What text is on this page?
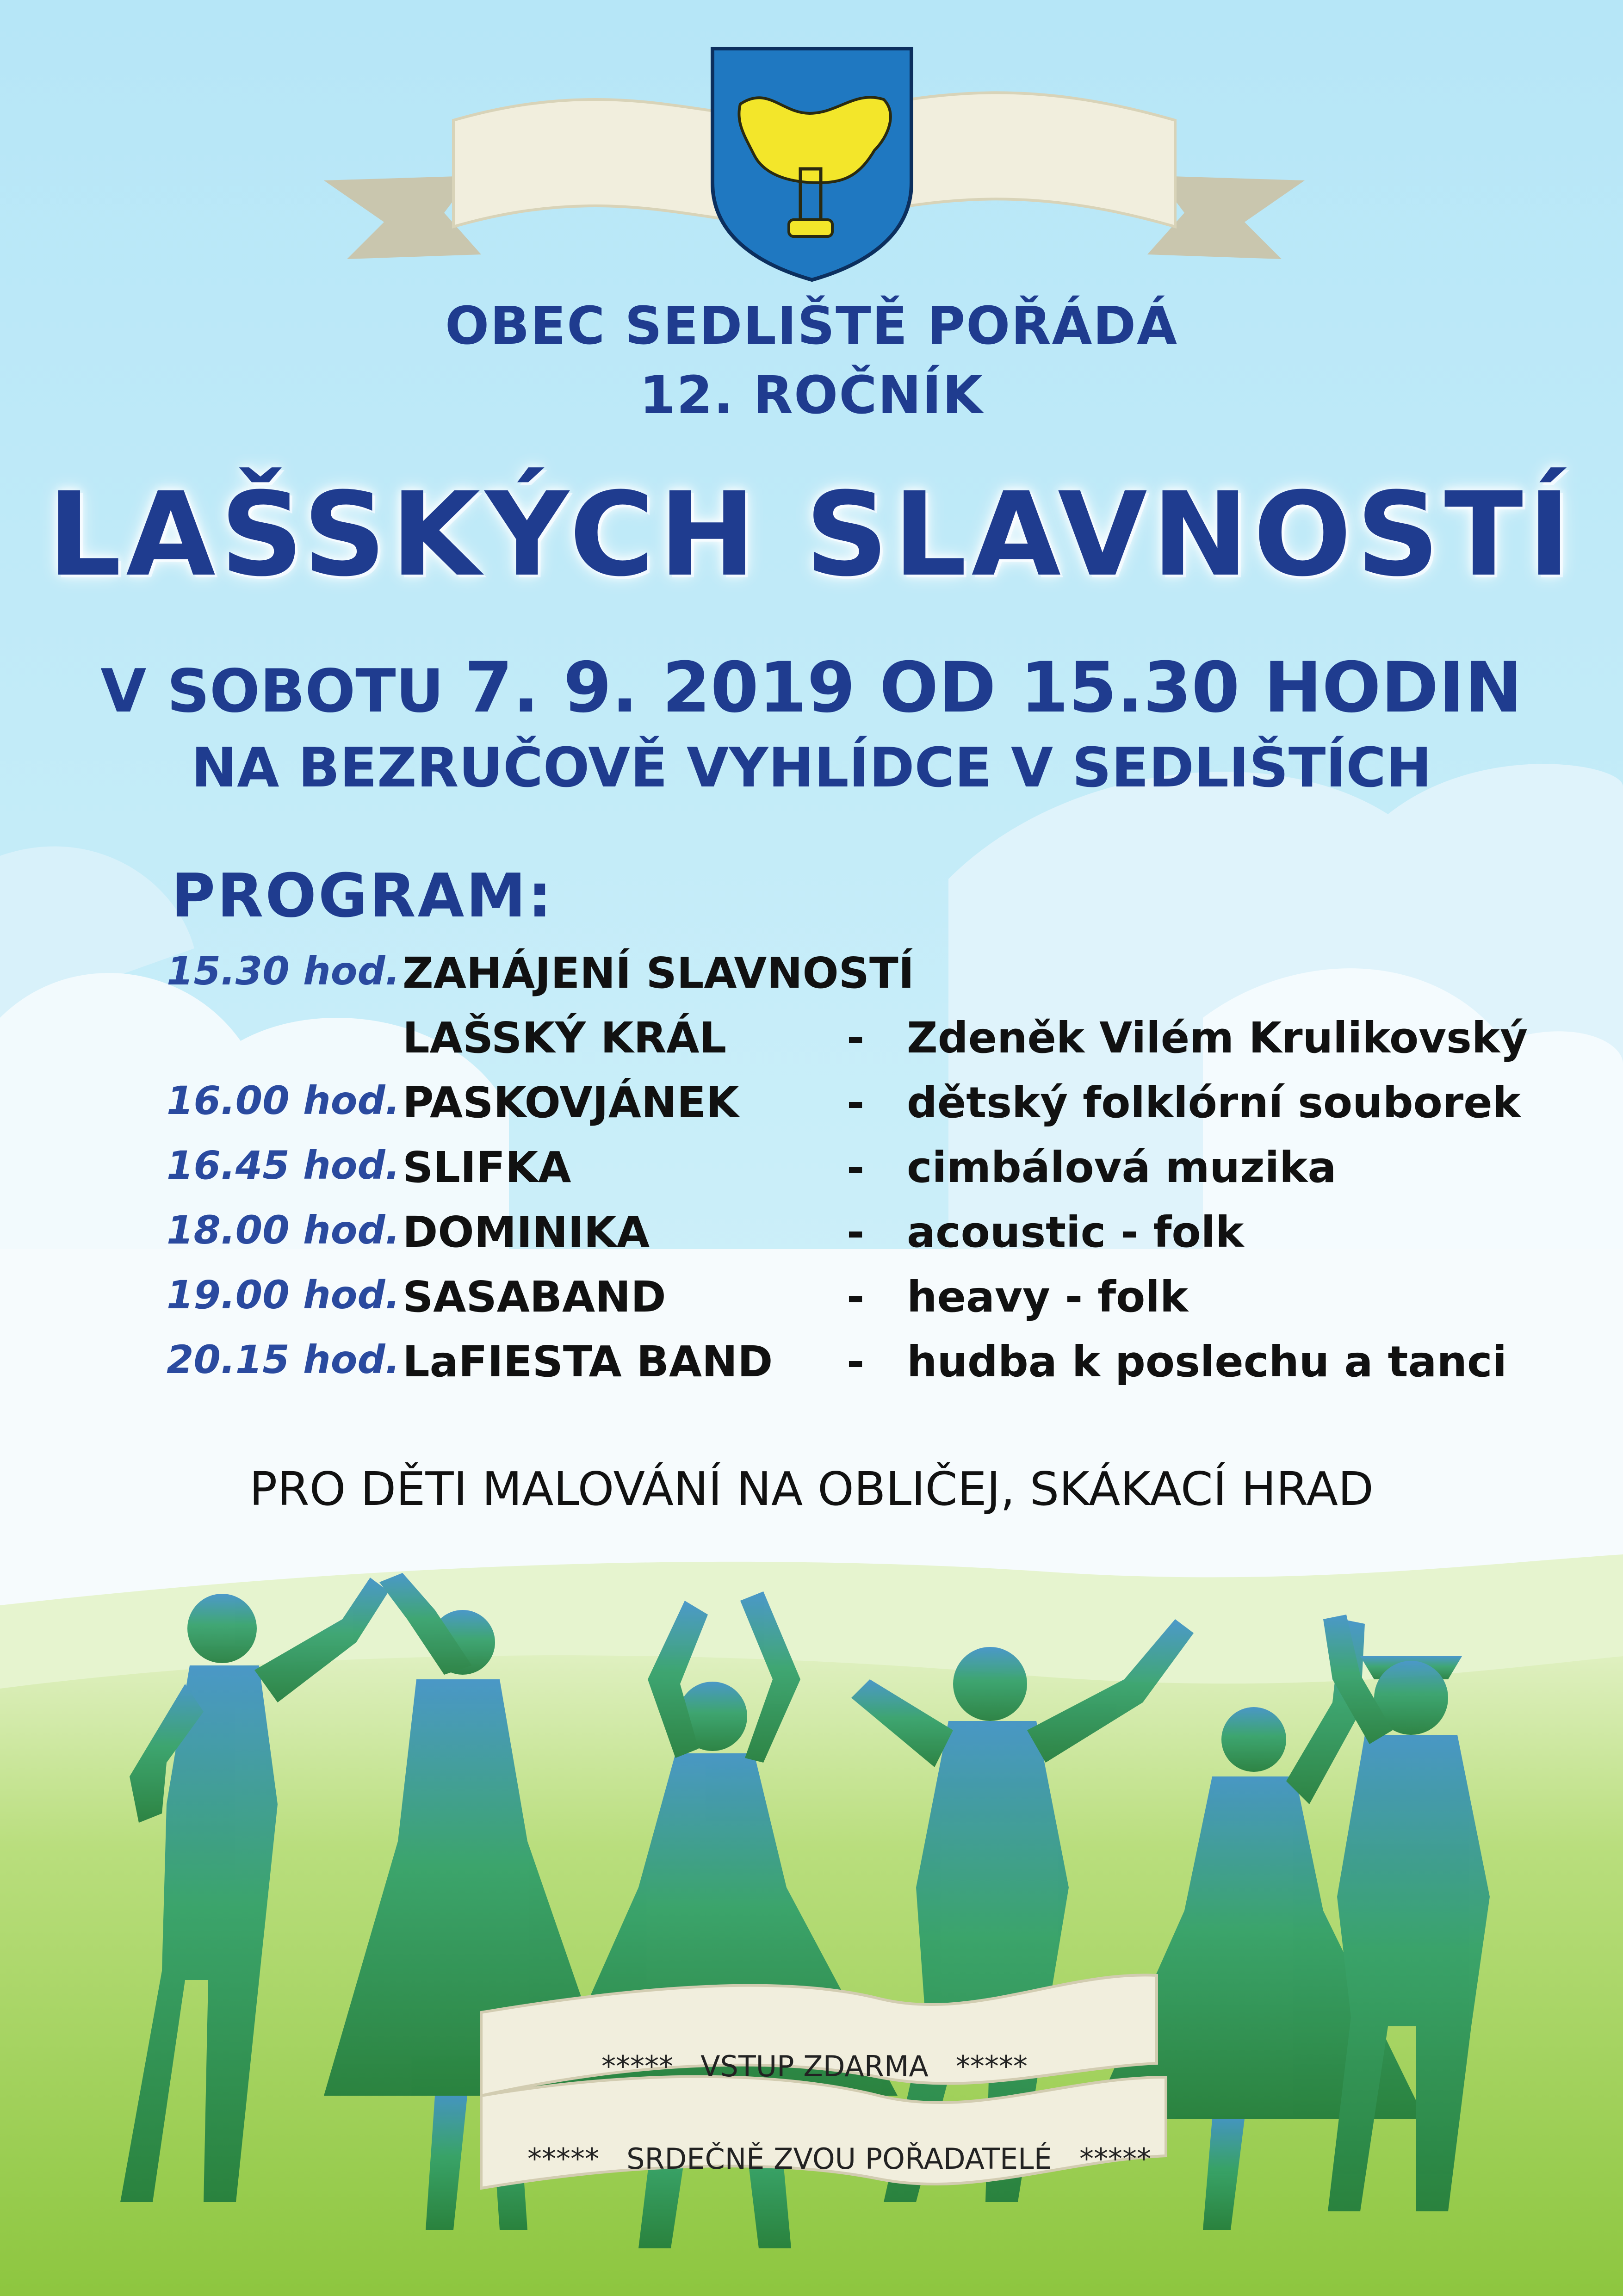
OBEC SEDLIŠTĚ POŘÁDÁ
12. ROČNÍK
LAŠSKÝCH SLAVNOSTÍ
V SOBOTU 7. 9. 2019 OD 15.30 HODIN
NA BEZRUČOVĚ VYHLÍDCE V SEDLIŠTÍCH
PROGRAM:
15.30 hod. ZAHÁJENÍ SLAVNOSTÍ
LAŠSKÝ KRÁL	- Zdeněk Vilém Krulikovský
16.00 hod. PASKOVJÁNEK	- dětský folklórní souborek
16.45 hod. SLIFKA	- cimbálová muzika
18.00 hod. DOMINIKA	- acoustic - folk
19.00 hod. SASABAND	- heavy - folk
20.15 hod. LaFIESTA BAND - hudba k poslechu a tanci
PRO DĚTI MALOVÁNÍ NA OBLIČEJ, SKÁKACÍ HRAD
***** VSTUP ZDARMA *****
***** SRDEČNĚ ZVOU POŘADATELÉ *****
